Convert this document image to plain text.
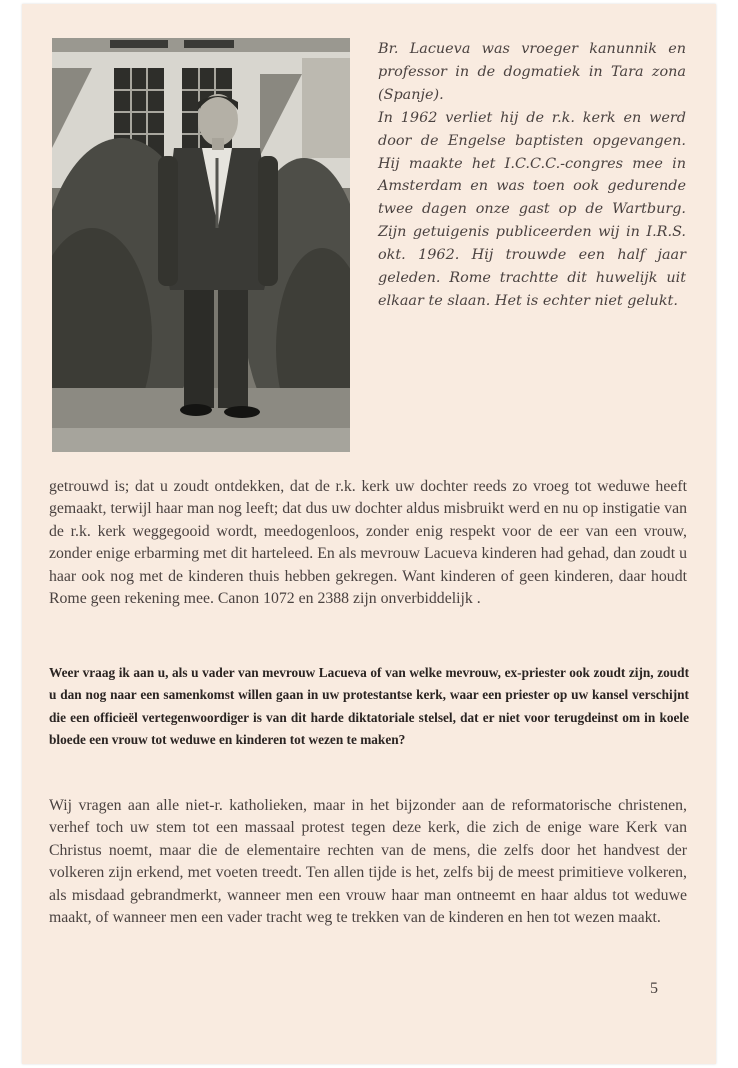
Br. Lacueva was vroeger kanunnik en professor in de dogmatiek in Tara zona (Spanje).

In 1962 verliet hij de r.k. kerk en werd door de Engelse baptisten opgevangen. Hij maakte het I.C.C.C.-congres mee in Amsterdam en was toen ook gedurende twee dagen onze gast op de Wartburg. Zijn getuigenis publiceerden wij in I.R.S. okt. 1962. Hij trouwde een half jaar geleden. Rome trachtte dit huwelijk uit elkaar te slaan. Het is echter niet gelukt.

getrouwd is; dat u zoudt ontdekken, dat de r.k. kerk uw dochter reeds zo vroeg tot weduwe heeft gemaakt, terwijl haar man nog leeft; dat dus uw dochter aldus misbruikt werd en nu op instigatie van de r.k. kerk weggegooid wordt, meedogenloos, zonder enig respekt voor de eer van een vrouw, zonder enige erbarming met dit harteleed. En als mevrouw Lacueva kinderen had gehad, dan zoudt u haar ook nog met de kinderen thuis hebben gekregen. Want kinderen of geen kinderen, daar houdt Rome geen rekening mee. Canon 1072 en 2388 zijn onverbiddelijk .

Weer vraag ik aan u, als u vader van mevrouw Lacueva of van welke mevrouw, ex-priester ook zoudt zijn, zoudt u dan nog naar een samenkomst willen gaan in uw protestantse kerk, waar een priester op uw kansel verschijnt die een officieël vertegenwoordiger is van dit harde diktatoriale stelsel, dat er niet voor terugdeinst om in koele bloede een vrouw tot weduwe en kinderen tot wezen te maken?

Wij vragen aan alle niet-r. katholieken, maar in het bijzonder aan de reformatorische christenen, verhef toch uw stem tot een massaal protest tegen deze kerk, die zich de enige ware Kerk van Christus noemt, maar die de elementaire rechten van de mens, die zelfs door het handvest der volkeren zijn erkend, met voeten treedt. Ten allen tijde is het, zelfs bij de meest primitieve volkeren, als misdaad gebrandmerkt, wanneer men een vrouw haar man ontneemt en haar aldus tot weduwe maakt, of wanneer men een vader tracht weg te trekken van de kinderen en hen tot wezen maakt.

5
